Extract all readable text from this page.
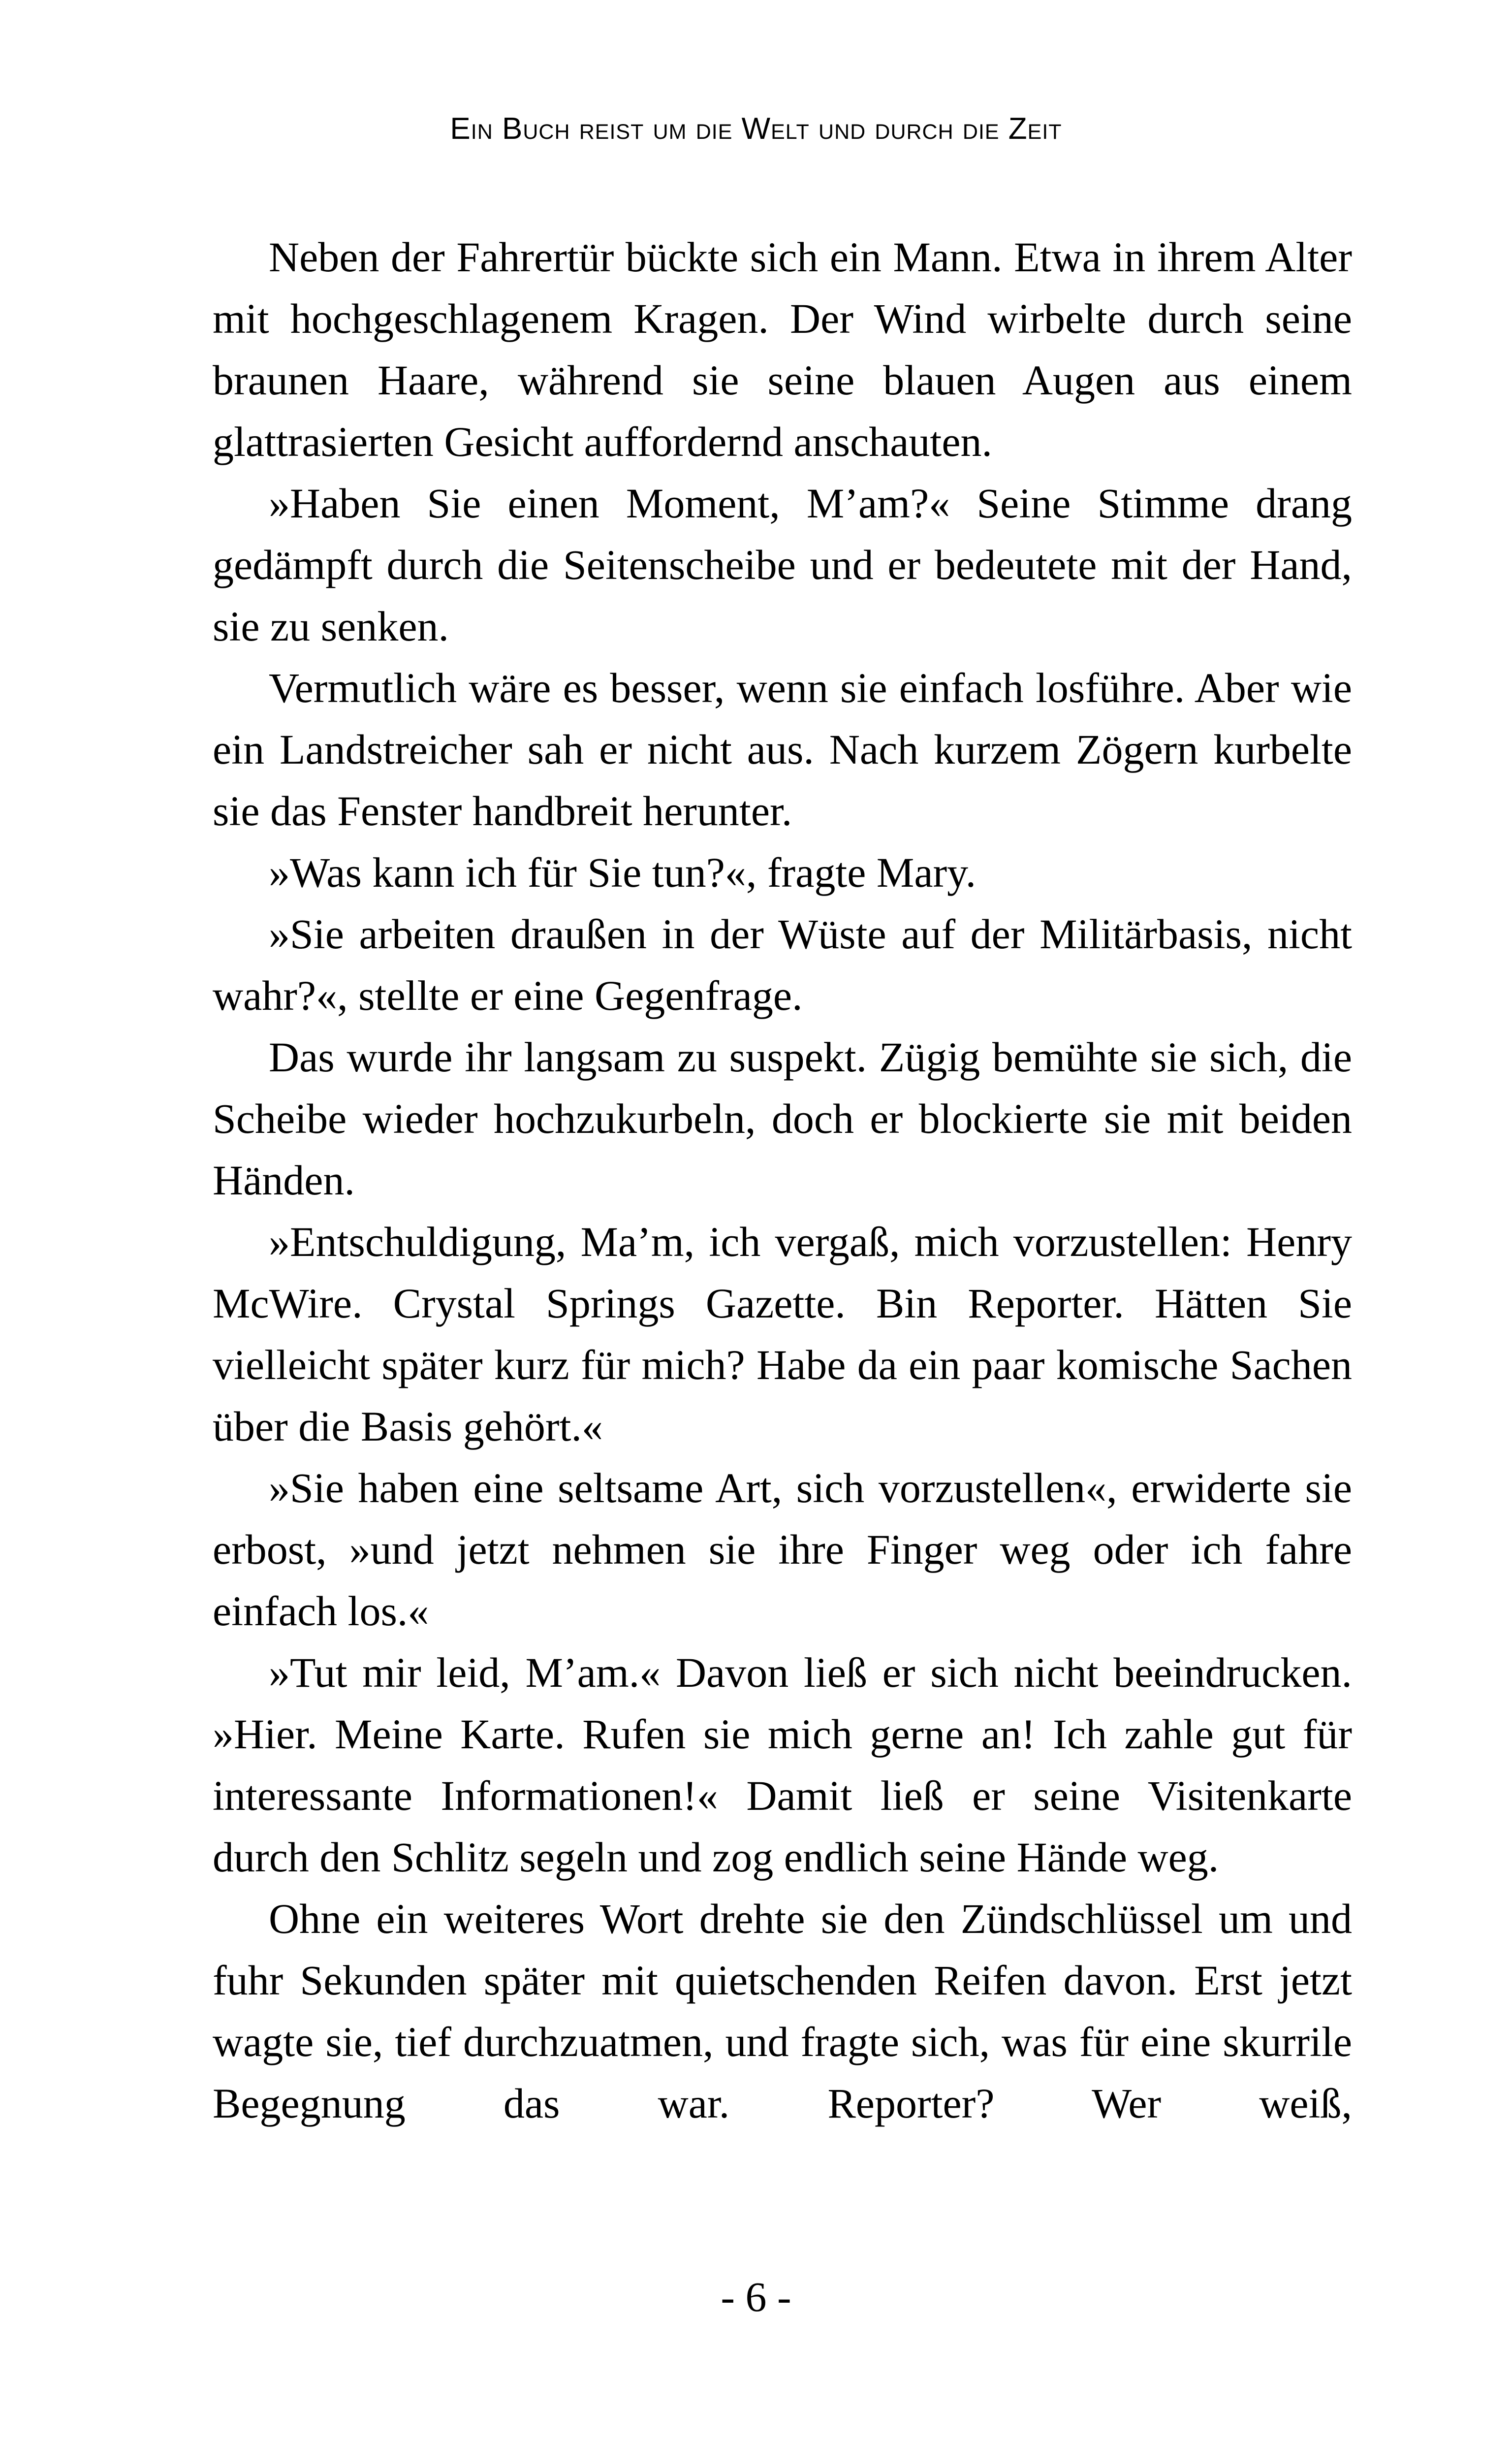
Ein Buch reist um die Welt und durch die Zeit

Neben der Fahrertür bückte sich ein Mann. Etwa in ihrem Alter mit hochgeschlagenem Kragen. Der Wind wirbelte durch seine braunen Haare, während sie seine blauen Augen aus einem glattrasierten Gesicht auffordernd anschauten.

»Haben Sie einen Moment, M’am?« Seine Stimme drang gedämpft durch die Seitenscheibe und er bedeutete mit der Hand, sie zu senken.

Vermutlich wäre es besser, wenn sie einfach losführe. Aber wie ein Landstreicher sah er nicht aus. Nach kurzem Zögern kurbelte sie das Fenster handbreit herunter.

»Was kann ich für Sie tun?«, fragte Mary.

»Sie arbeiten draußen in der Wüste auf der Militärbasis, nicht wahr?«, stellte er eine Gegenfrage.

Das wurde ihr langsam zu suspekt. Zügig bemühte sie sich, die Scheibe wieder hochzukurbeln, doch er blockierte sie mit beiden Händen.

»Entschuldigung, Ma’m, ich vergaß, mich vorzustellen: Henry McWire. Crystal Springs Gazette. Bin Reporter. Hätten Sie vielleicht später kurz für mich? Habe da ein paar komische Sachen über die Basis gehört.«

»Sie haben eine seltsame Art, sich vorzustellen«, erwiderte sie erbost, »und jetzt nehmen sie ihre Finger weg oder ich fahre einfach los.«

»Tut mir leid, M’am.« Davon ließ er sich nicht beeindrucken. »Hier. Meine Karte. Rufen sie mich gerne an! Ich zahle gut für interessante Informationen!« Damit ließ er seine Visitenkarte durch den Schlitz segeln und zog endlich seine Hände weg.

Ohne ein weiteres Wort drehte sie den Zündschlüssel um und fuhr Sekunden später mit quietschenden Reifen davon. Erst jetzt wagte sie, tief durchzuatmen, und fragte sich, was für eine skurrile Begegnung das war. Reporter? Wer weiß,

- 6 -
